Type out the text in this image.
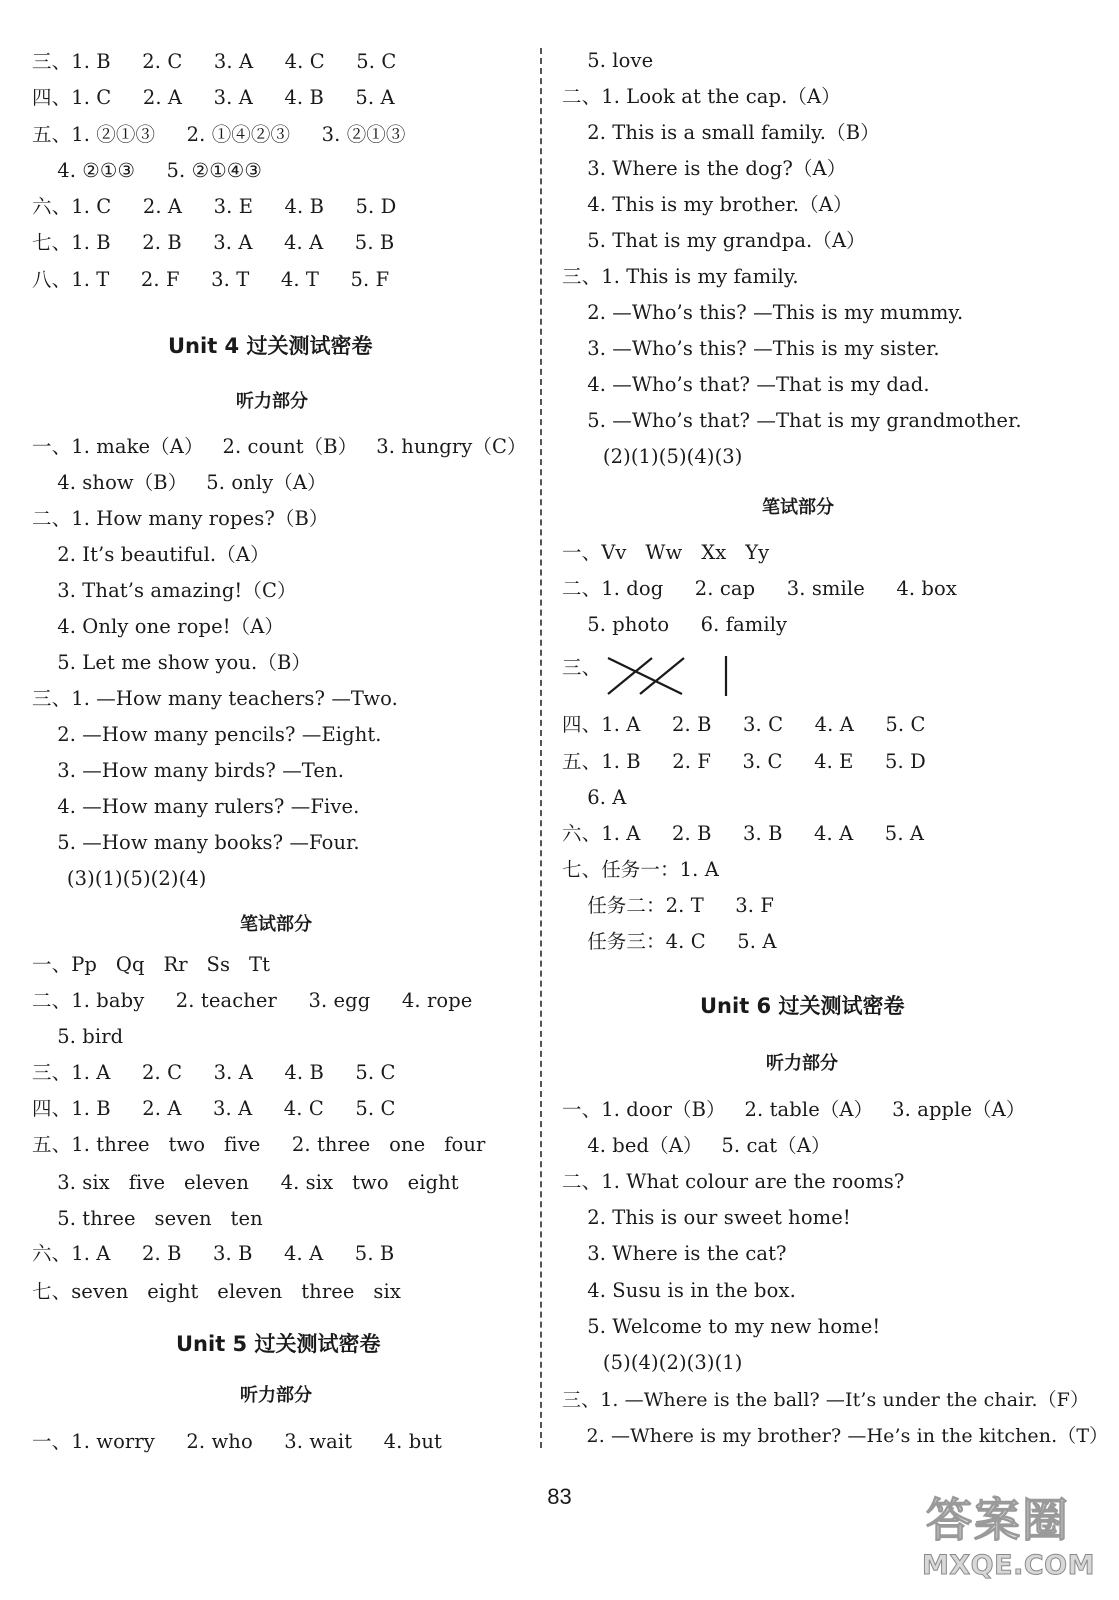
三、1. B     2. C     3. A     4. C     5. C
四、1. C     2. A     3. A     4. B     5. A
五、1. ②①③     2. ①④②③     3. ②①③
4. ②①③     5. ②①④③
六、1. C     2. A     3. E     4. B     5. D
七、1. B     2. B     3. A     4. A     5. B
八、1. T     2. F     3. T     4. T     5. F
Unit 4 过关测试密卷
听力部分
一、1. make（A）   2. count（B）   3. hungry（C）
4. show（B）   5. only（A）
二、1. How many ropes?（B）
2. It’s beautiful.（A）
3. That’s amazing!（C）
4. Only one rope!（A）
5. Let me show you.（B）
三、1. —How many teachers? —Two.
2. —How many pencils? —Eight.
3. —How many birds? —Ten.
4. —How many rulers? —Five.
5. —How many books? —Four.
(3)(1)(5)(2)(4)
笔试部分
一、Pp   Qq   Rr   Ss   Tt
二、1. baby     2. teacher     3. egg     4. rope
5. bird
三、1. A     2. C     3. A     4. B     5. C
四、1. B     2. A     3. A     4. C     5. C
五、1. three   two   five     2. three   one   four
3. six   five   eleven     4. six   two   eight
5. three   seven   ten
六、1. A     2. B     3. B     4. A     5. B
七、seven   eight   eleven   three   six
Unit 5 过关测试密卷
听力部分
一、1. worry     2. who     3. wait     4. but
5. love
二、1. Look at the cap.（A）
2. This is a small family.（B）
3. Where is the dog?（A）
4. This is my brother.（A）
5. That is my grandpa.（A）
三、1. This is my family.
2. —Who’s this? —This is my mummy.
3. —Who’s this? —This is my sister.
4. —Who’s that? —That is my dad.
5. —Who’s that? —That is my grandmother.
(2)(1)(5)(4)(3)
笔试部分
一、Vv   Ww   Xx   Yy
二、1. dog     2. cap     3. smile     4. box
5. photo     6. family
三、
四、1. A     2. B     3. C     4. A     5. C
五、1. B     2. F     3. C     4. E     5. D
6. A
六、1. A     2. B     3. B     4. A     5. A
七、任务一：1. A
任务二：2. T     3. F
任务三：4. C     5. A
Unit 6 过关测试密卷
听力部分
一、1. door（B）   2. table（A）   3. apple（A）
4. bed（A）   5. cat（A）
二、1. What colour are the rooms?
2. This is our sweet home!
3. Where is the cat?
4. Susu is in the box.
5. Welcome to my new home!
(5)(4)(2)(3)(1)
三、1. —Where is the ball? —It’s under the chair.（F）
2. —Where is my brother? —He’s in the kitchen.（T）
83	答案圈
MXQE.COM
